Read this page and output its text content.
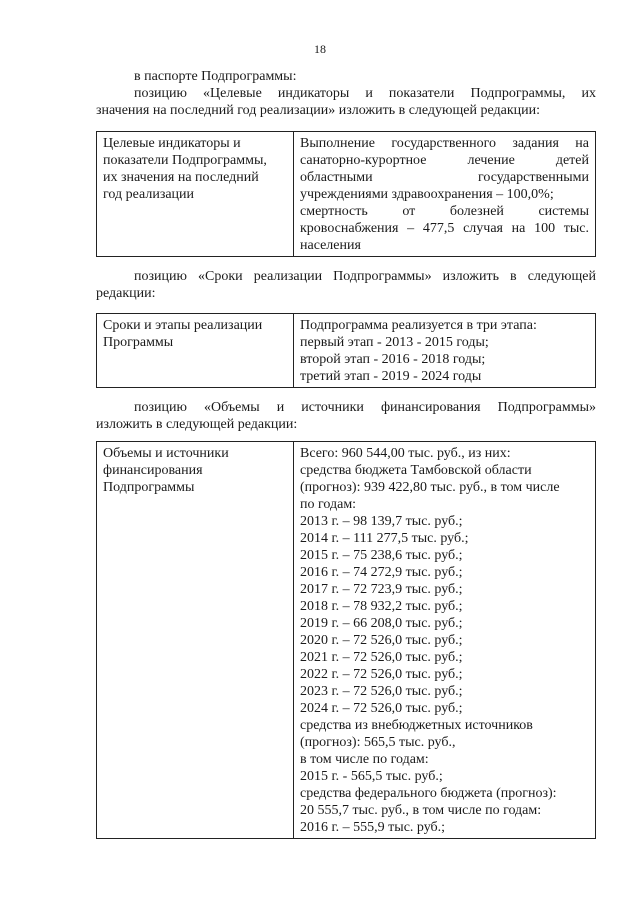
18
в паспорте Подпрограммы:
позицию «Целевые индикаторы и показатели Подпрограммы, их
значения на последний год реализации» изложить в следующей редакции:
Целевые индикаторы и
показатели Подпрограммы,
их значения на последний
год реализации

Выполнение государственного задания на
санаторно-курортное лечение детей
областными государственными
учреждениями здравоохранения – 100,0%;
смертность от болезней системы
кровоснабжения – 477,5 случая на 100 тыс.
населения
позицию «Сроки реализации Подпрограммы» изложить в следующей
редакции:
Сроки и этапы реализации
Программы

Подпрограмма реализуется в три этапа:
первый этап - 2013 - 2015 годы;
второй этап - 2016 - 2018 годы;
третий этап - 2019 - 2024 годы
позицию «Объемы и источники финансирования Подпрограммы»
изложить в следующей редакции:
Объемы и источники
финансирования
Подпрограммы

Всего: 960 544,00 тыс. руб., из них:
средства бюджета Тамбовской области
(прогноз): 939 422,80 тыс. руб., в том числе
по годам:
2013 г. – 98 139,7 тыс. руб.;
2014 г. – 111 277,5 тыс. руб.;
2015 г. – 75 238,6 тыс. руб.;
2016 г. – 74 272,9 тыс. руб.;
2017 г. – 72 723,9 тыс. руб.;
2018 г. – 78 932,2 тыс. руб.;
2019 г. – 66 208,0 тыс. руб.;
2020 г. – 72 526,0 тыс. руб.;
2021 г. – 72 526,0 тыс. руб.;
2022 г. – 72 526,0 тыс. руб.;
2023 г. – 72 526,0 тыс. руб.;
2024 г. – 72 526,0 тыс. руб.;
средства из внебюджетных источников
(прогноз): 565,5 тыс. руб.,
в том числе по годам:
2015 г. - 565,5 тыс. руб.;
средства федерального бюджета (прогноз):
20 555,7 тыс. руб., в том числе по годам:
2016 г. – 555,9 тыс. руб.;
